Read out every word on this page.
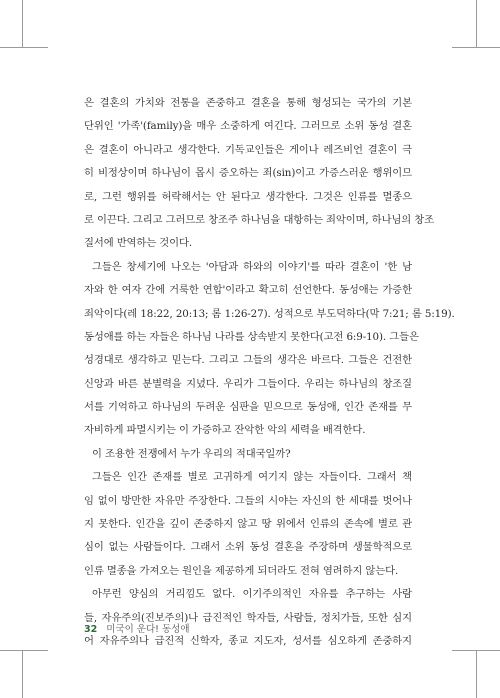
은 결혼의 가치와 전통을 존중하고 결혼을 통해 형성되는 국가의 기본
단위인 '가족'(family)을 매우 소중하게 여긴다. 그러므로 소위 동성 결혼
은 결혼이 아니라고 생각한다. 기독교인들은 게이나 레즈비언 결혼이 극
히 비정상이며 하나님이 몹시 증오하는 죄(sin)이고 가증스러운 행위이므
로, 그런 행위를 허락해서는 안 된다고 생각한다. 그것은 인류를 멸종으
로 이끈다. 그리고 그러므로 창조주 하나님을 대항하는 죄악이며, 하나님의 창조
질서에 반역하는 것이다.
그들은 창세기에 나오는 '아담과 하와의 이야기'를 따라 결혼이 '한 남
자와 한 여자 간에 거룩한 연합'이라고 확고히 선언한다. 동성애는 가증한
죄악이다(레 18:22, 20:13; 롬 1:26-27). 성적으로 부도덕하다(막 7:21; 롬 5:19).
동성애를 하는 자들은 하나님 나라를 상속받지 못한다(고전 6:9-10). 그들은
성경대로 생각하고 믿는다. 그리고 그들의 생각은 바르다. 그들은 건전한
신앙과 바른 분별력을 지녔다. 우리가 그들이다. 우리는 하나님의 창조질
서를 기억하고 하나님의 두려운 심판을 믿으므로 동성애, 인간 존재를 무
자비하게 파멸시키는 이 가증하고 잔악한 악의 세력을 배격한다.
이 조용한 전쟁에서 누가 우리의 적대국일까?
그들은 인간 존재를 별로 고귀하게 여기지 않는 자들이다. 그래서 책
임 없이 방만한 자유만 주장한다. 그들의 시야는 자신의 한 세대를 벗어나
지 못한다. 인간을 깊이 존중하지 않고 땅 위에서 인류의 존속에 별로 관
심이 없는 사람들이다. 그래서 소위 동성 결혼을 주장하며 생물학적으로
인류 멸종을 가져오는 원인을 제공하게 되더라도 전혀 염려하지 않는다.
아무런 양심의 거리낌도 없다. 이기주의적인 자유를 추구하는 사람
들, 자유주의(진보주의)나 급진적인 학자들, 사람들, 정치가들, 또한 심지
어 자유주의나 급진적 신학자, 종교 지도자, 성서를 심오하게 존중하지
32 미국이 운다! 동성애
